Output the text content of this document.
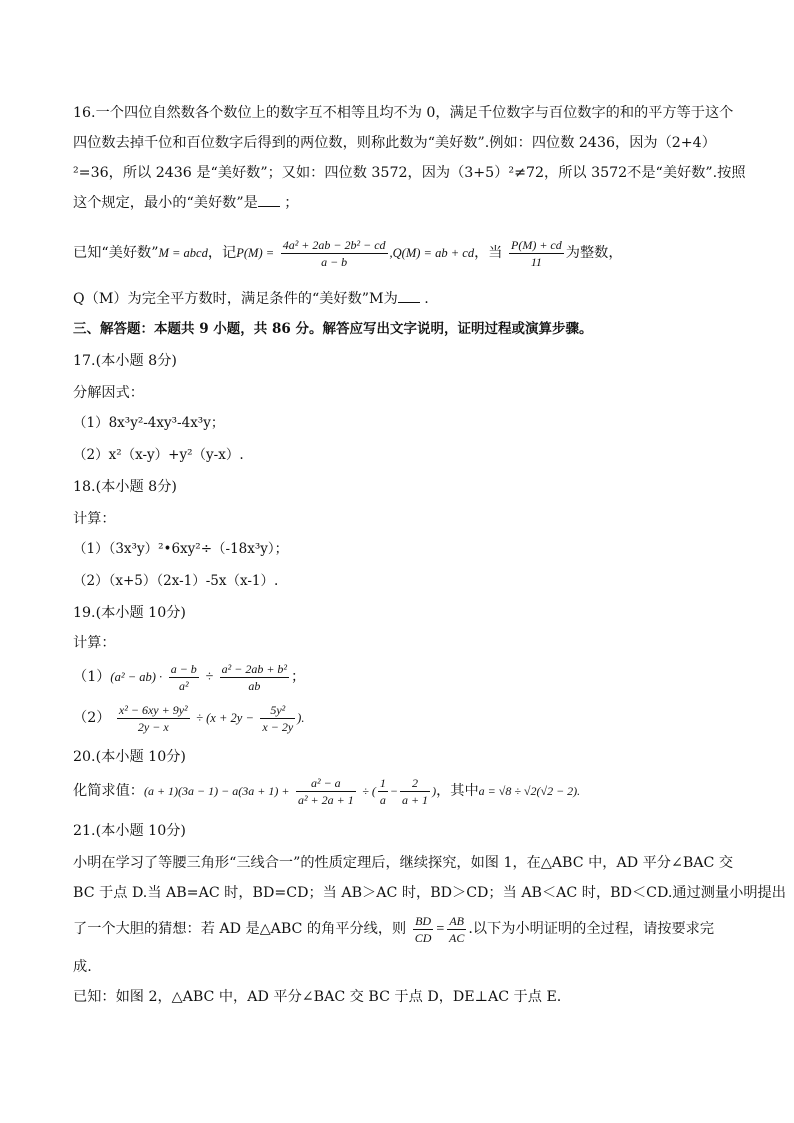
16.一个四位自然数各个数位上的数字互不相等且均不为 0，满足千位数字与百位数字的和的平方等于这个
四位数去掉千位和百位数字后得到的两位数，则称此数为“美好数”.例如：四位数 2436，因为（2+4）
²=36，所以 2436 是“美好数”；又如：四位数 3572，因为（3+5）²≠72，所以 3572不是“美好数”.按照
这个规定，最小的“美好数”是 ；
已知“美好数”M = abcd，记$P(M) = \frac{\text{4a² + 2ab − 2b² − cd}}{a - b} ,Q(M)$ = ab + cd，当 $\frac{P(M) + cd}{11}$ 为整数，
Q（M）为完全平方数时，满足条件的“美好数”M为 .
三、解答题：本题共 9 小题，共 86 分。解答应写出文字说明，证明过程或演算步骤。
17.(本小题 8分)
分解因式：
（1）8x³y²-4xy³-4x³y；
（2）x²（x-y）+y²（y-x）.
18.(本小题 8分)
计算：
（1）（3x³y）²•6xy²÷（-18x³y）；
（2）（x+5）（2x-1）-5x（x-1）.
19.(本小题 10分)
计算：
$(1)(a^2 - ab) \cdot \frac{a - b}{\text{a²}} \div \frac{\text{a² − 2ab + b²}}{ab}$ ；
$(2) \frac{\text{x² − 6xy + 9y²}}{2y - x} \div (x + 2y - \frac{\text{5y²}}{x - 2y}$ ).
20.(本小题 10分)
化简求值：$(a + 1)(3a - 1) - a(3a + 1) + \frac{\text{a² − a}}{\text{a² + 2a + 1}}$ ÷ ( $\frac{1}{a} - \frac{2}{a + 1}$ )，其中a = √8 ÷ √2(√2 − 2).
21.(本小题 10分)
小明在学习了等腰三角形“三线合一”的性质定理后，继续探究，如图 1，在△ABC 中，AD 平分∠BAC 交
BC 于点 D.当 AB=AC 时，BD=CD；当 AB＞AC 时，BD＞CD；当 AB＜AC 时，BD＜CD.通过测量小明提出
了一个大胆的猜想：若 AD 是△ABC 的角平分线，则 $\frac{BD}{CD} = \frac{AB}{AC}$ .以下为小明证明的全过程，请按要求完
成.
已知：如图 2，△ABC 中，AD 平分∠BAC 交 BC 于点 D，DE⊥AC 于点 E.
